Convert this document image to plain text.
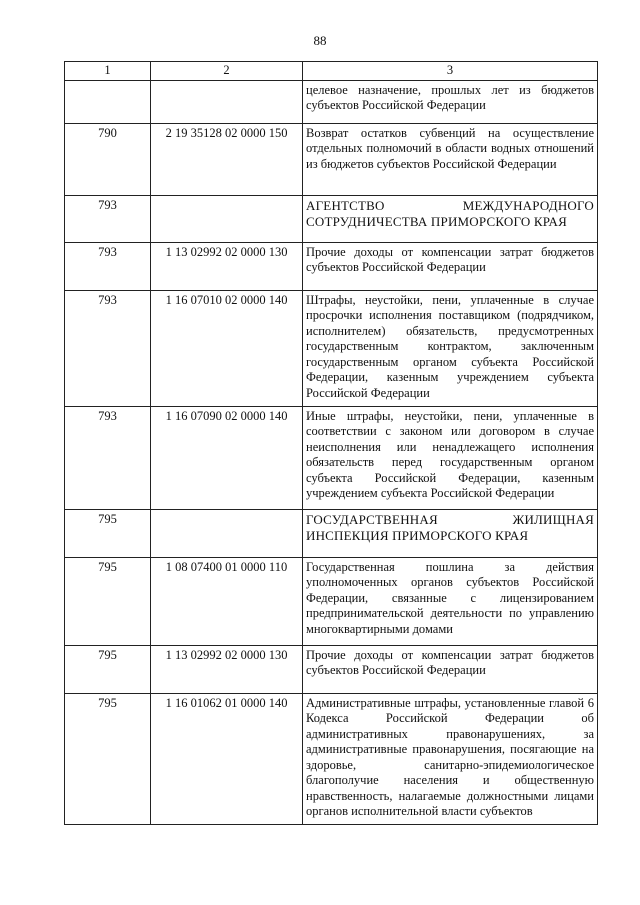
88
1	2	3
		целевое назначение, прошлых лет из бюджетов субъектов Российской Федерации
790	2 19 35128 02 0000 150	Возврат остатков субвенций на осуществление отдельных полномочий в области водных отношений из бюджетов субъектов Российской Федерации
793		АГЕНТСТВО МЕЖДУНАРОДНОГО СОТРУДНИЧЕСТВА ПРИМОРСКОГО КРАЯ
793	1 13 02992 02 0000 130	Прочие доходы от компенсации затрат бюджетов субъектов Российской Федерации
793	1 16 07010 02 0000 140	Штрафы, неустойки, пени, уплаченные в случае просрочки исполнения поставщиком (подрядчиком, исполнителем) обязательств, предусмотренных государственным контрактом, заключенным государственным органом субъекта Российской Федерации, казенным учреждением субъекта Российской Федерации
793	1 16 07090 02 0000 140	Иные штрафы, неустойки, пени, уплаченные в соответствии с законом или договором в случае неисполнения или ненадлежащего исполнения обязательств перед государственным органом субъекта Российской Федерации, казенным учреждением субъекта Российской Федерации
795		ГОСУДАРСТВЕННАЯ ЖИЛИЩНАЯ ИНСПЕКЦИЯ ПРИМОРСКОГО КРАЯ
795	1 08 07400 01 0000 110	Государственная пошлина за действия уполномоченных органов субъектов Российской Федерации, связанные с лицензированием предпринимательской деятельности по управлению многоквартирными домами
795	1 13 02992 02 0000 130	Прочие доходы от компенсации затрат бюджетов субъектов Российской Федерации
795	1 16 01062 01 0000 140	Административные штрафы, установленные главой 6 Кодекса Российской Федерации об административных правонарушениях, за административные правонарушения, посягающие на здоровье, санитарно-эпидемиологическое благополучие населения и общественную нравственность, налагаемые должностными лицами органов исполнительной власти субъектов
